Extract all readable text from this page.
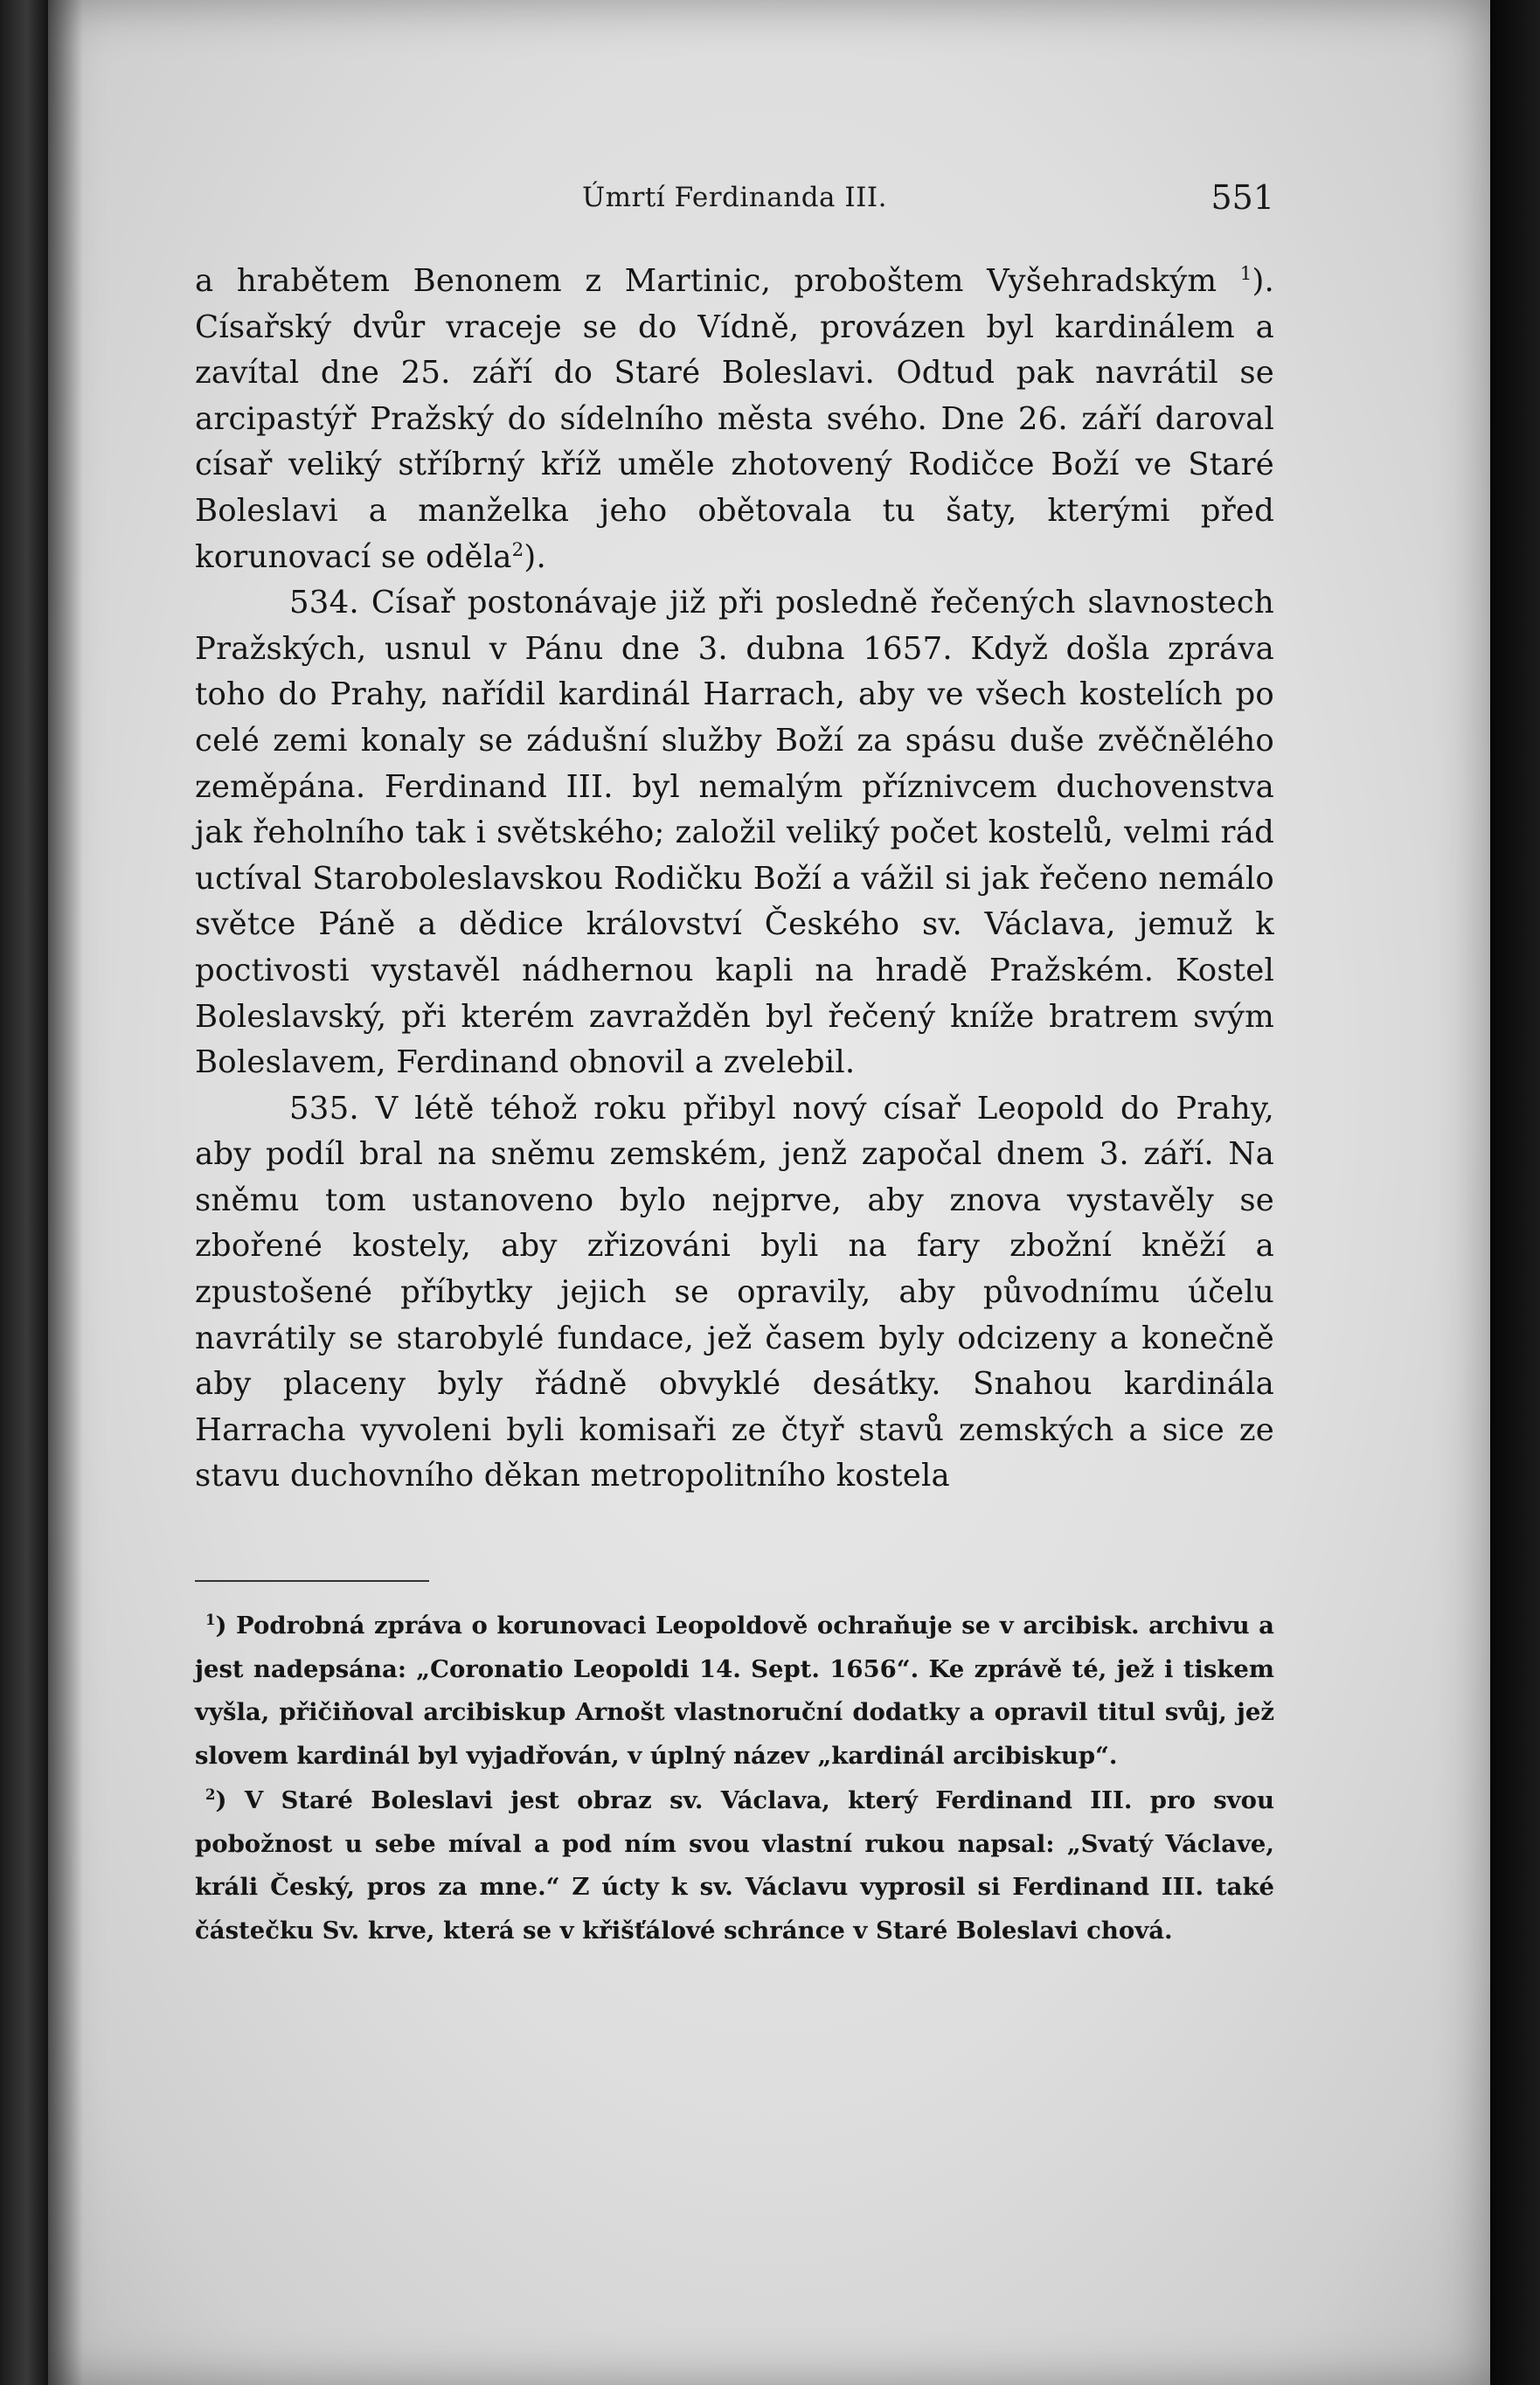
Úmrtí Ferdinanda III.	551

a hrabětem Benonem z Martinic, proboštem Vyšehradským $^1$). Císařský dvůr vraceje se do Vídně, provázen byl kardinálem a zavítal dne 25. září do Staré Boleslavi. Odtud pak navrátil se arcipastýř Pražský do sídelního města svého. Dne 26. září daroval císař veliký stříbrný kříž uměle zhotovený Rodičce Boží ve Staré Boleslavi a manželka jeho obětovala tu šaty, kterými před korunovací se oděla$^2$).

534. Císař postonávaje již při posledně řečených slavnostech Pražských, usnul v Pánu dne 3. dubna 1657. Když došla zpráva toho do Prahy, nařídil kardinál Harrach, aby ve všech kostelích po celé zemi konaly se zádušní služby Boží za spásu duše zvěčnělého zeměpána. Ferdinand III. byl nemalým příznivcem duchovenstva jak řeholního tak i světského; založil veliký počet kostelů, velmi rád uctíval Staroboleslavskou Rodičku Boží a vážil si jak řečeno nemálo světce Páně a dědice království Českého sv. Václava, jemuž k poctivosti vystavěl nádhernou kapli na hradě Pražském. Kostel Boleslavský, při kterém zavražděn byl řečený kníže bratrem svým Boleslavem, Ferdinand obnovil a zvelebil.

535. V létě téhož roku přibyl nový císař Leopold do Prahy, aby podíl bral na sněmu zemském, jenž započal dnem 3. září. Na sněmu tom ustanoveno bylo nejprve, aby znova vystavěly se zbořené kostely, aby zřizováni byli na fary zbožní kněží a zpustošené příbytky jejich se opravily, aby původnímu účelu navrátily se starobylé fundace, jež časem byly odcizeny a konečně aby placeny byly řádně obvyklé desátky. Snahou kardinála Harracha vyvoleni byli komisaři ze čtyř stavů zemských a sice ze stavu duchovního děkan metropolitního kostela

$^1$) Podrobná zpráva o korunovaci Leopoldově ochraňuje se v arcibisk. archivu a jest nadepsána: „Coronatio Leopoldi 14. Sept. 1656“. Ke zprávě té, jež i tiskem vyšla, přičiňoval arcibiskup Arnošt vlastnoruční dodatky a opravil titul svůj, jež slovem kardinál byl vyjadřován, v úplný název „kardinál arcibiskup“.

$^2$) V Staré Boleslavi jest obraz sv. Václava, který Ferdinand III. pro svou pobožnost u sebe míval a pod ním svou vlastní rukou napsal: „Svatý Václave, králi Český, pros za mne.“ Z úcty k sv. Václavu vyprosil si Ferdinand III. také částečku Sv. krve, která se v křišťálové schránce v Staré Boleslavi chová.
